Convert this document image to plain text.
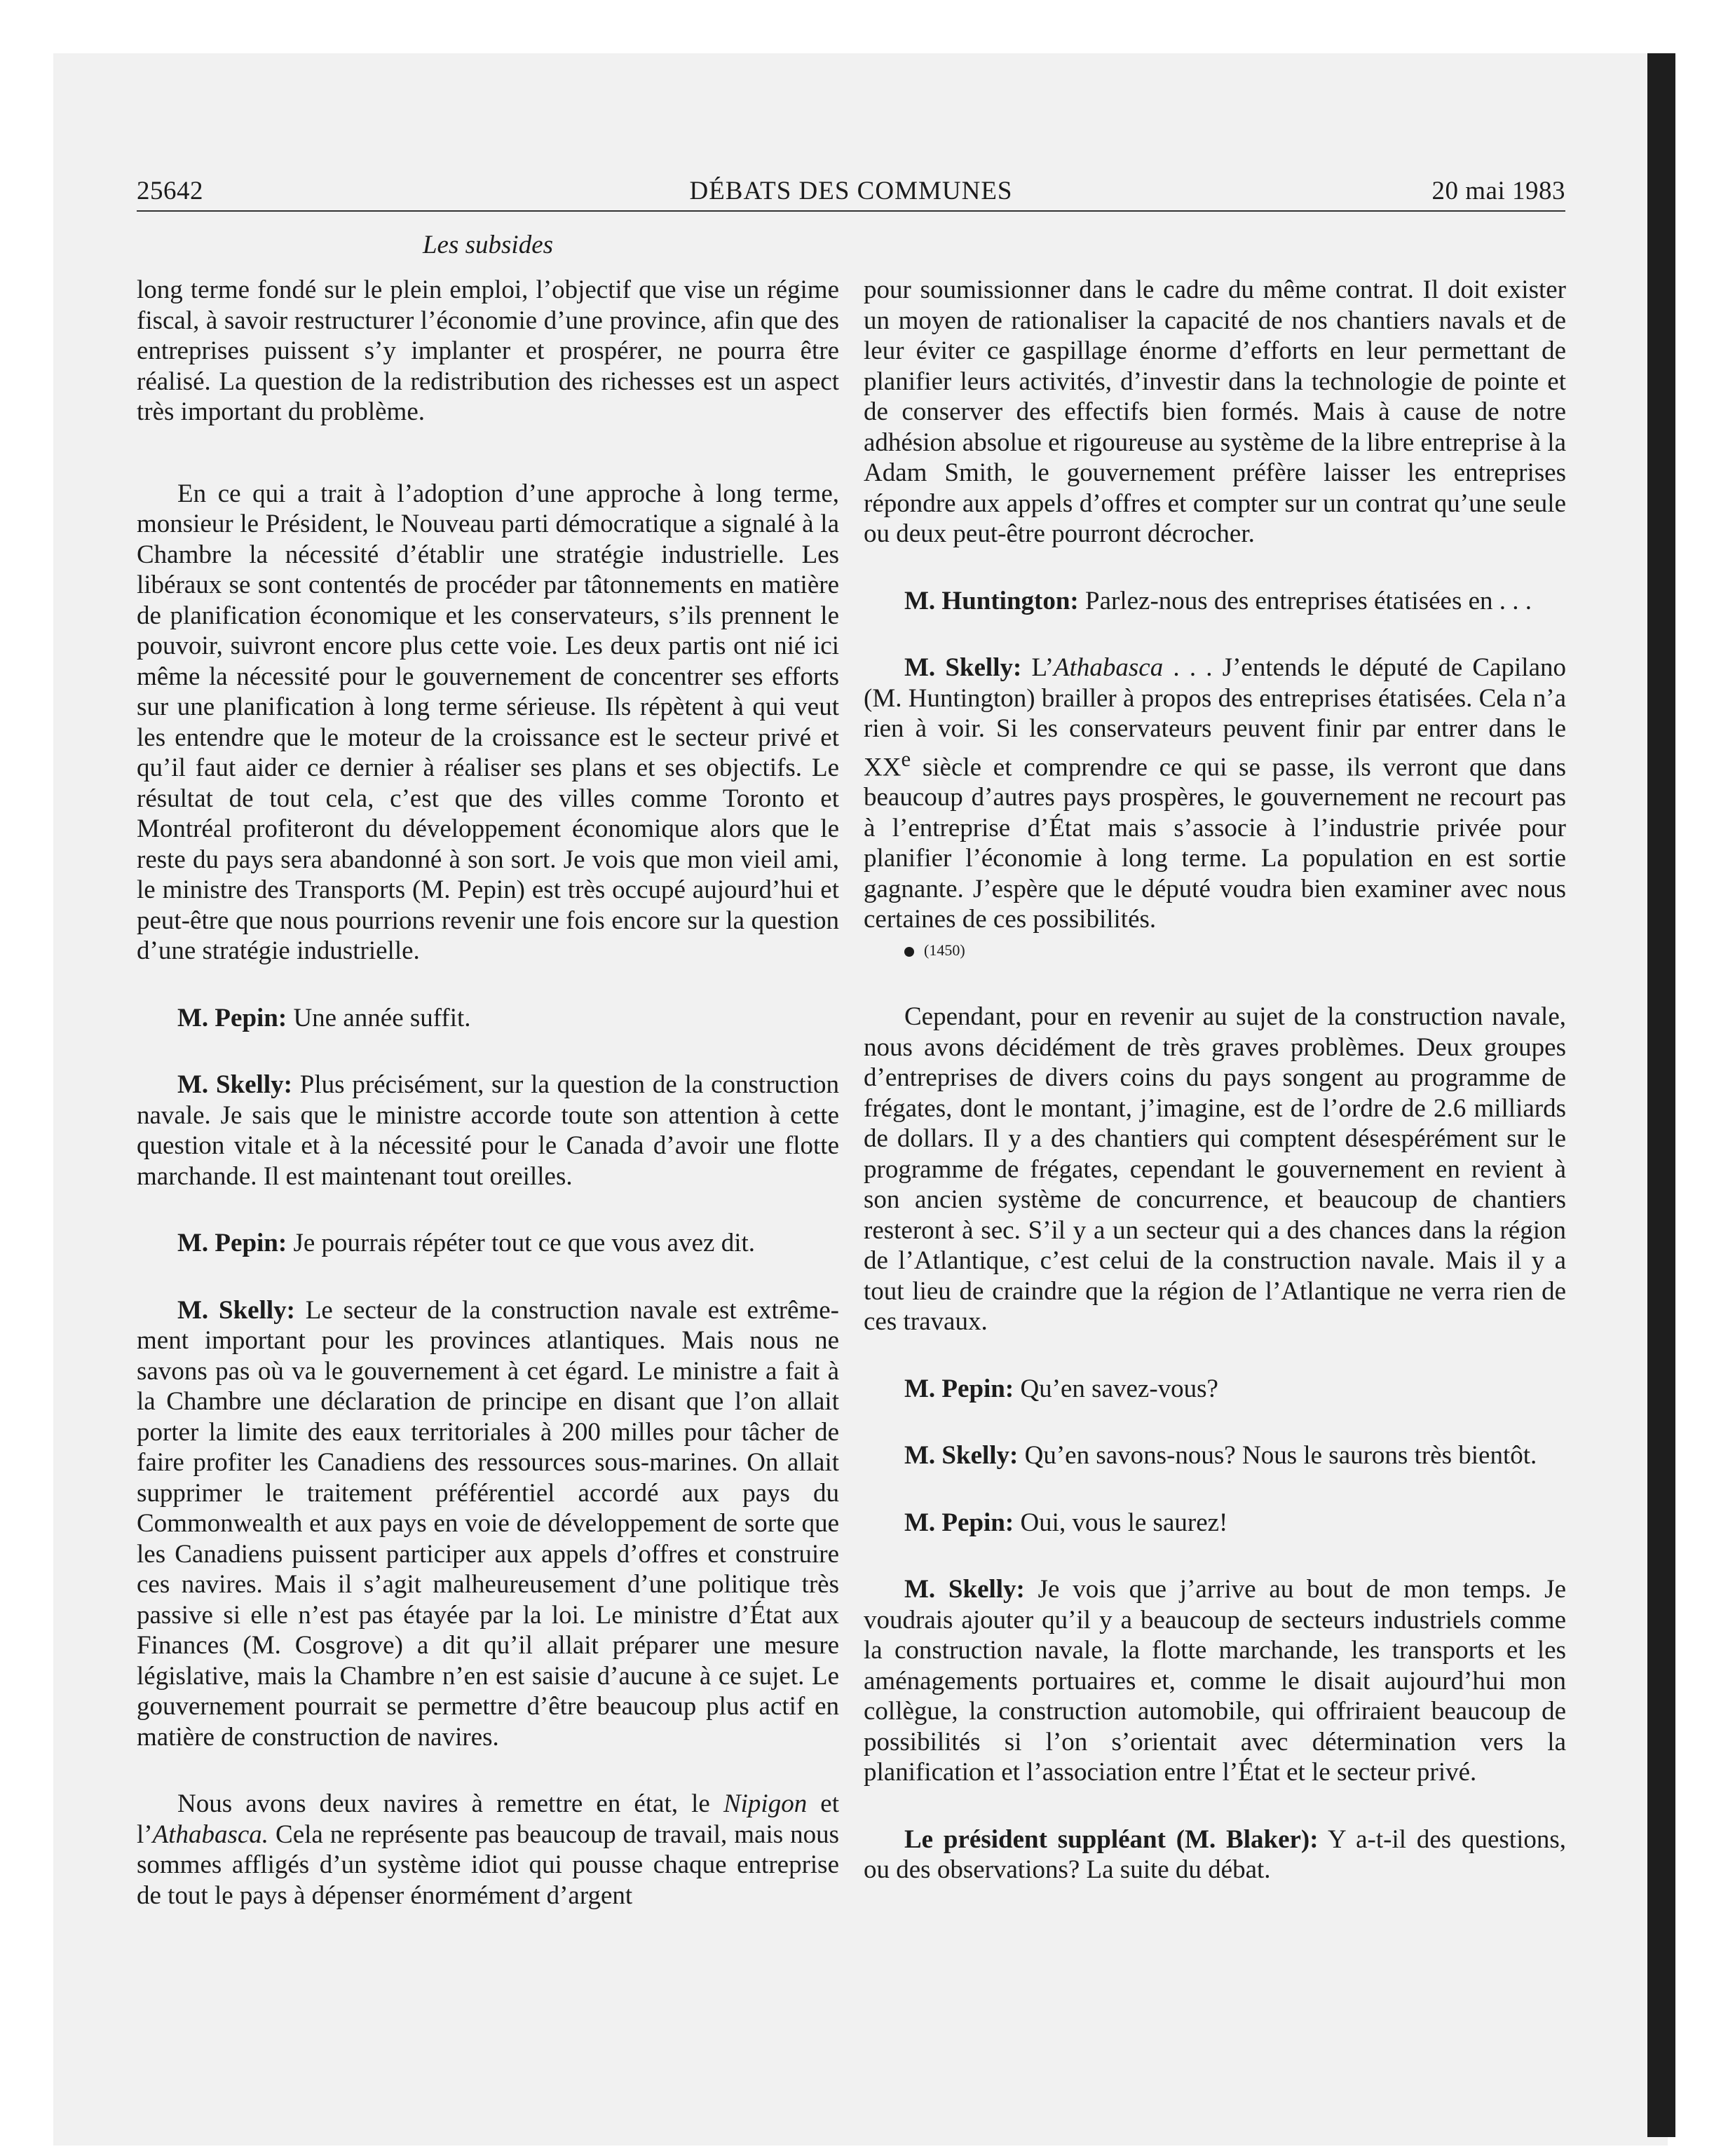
25642	DÉBATS DES COMMUNES	20 mai 1983
Les subsides

long terme fondé sur le plein emploi, l’objectif que vise un régime fiscal, à savoir restructurer l’économie d’une province, afin que des entreprises puissent s’y implanter et prospérer, ne pourra être réalisé. La question de la redistribution des richesses est un aspect très important du problème.

En ce qui a trait à l’adoption d’une approche à long terme, monsieur le Président, le Nouveau parti démocratique a signalé à la Chambre la nécessité d’établir une stratégie industrielle. Les libéraux se sont contentés de procéder par tâtonnements en matière de planification économique et les conservateurs, s’ils prennent le pouvoir, suivront encore plus cette voie. Les deux partis ont nié ici même la nécessité pour le gouvernement de concentrer ses efforts sur une planification à long terme sérieuse. Ils répètent à qui veut les entendre que le moteur de la croissance est le secteur privé et qu’il faut aider ce dernier à réaliser ses plans et ses objectifs. Le résultat de tout cela, c’est que des villes comme Toronto et Montréal profiteront du développement économique alors que le reste du pays sera abandonné à son sort. Je vois que mon vieil ami, le ministre des Transports (M. Pepin) est très occupé aujourd’hui et peut-être que nous pourrions revenir une fois encore sur la question d’une stratégie industrielle.

M. Pepin: Une année suffit.

M. Skelly: Plus précisément, sur la question de la construction navale. Je sais que le ministre accorde toute son attention à cette question vitale et à la nécessité pour le Canada d’avoir une flotte marchande. Il est maintenant tout oreilles.

M. Pepin: Je pourrais répéter tout ce que vous avez dit.

M. Skelly: Le secteur de la construction navale est extrêmement important pour les provinces atlantiques. Mais nous ne savons pas où va le gouvernement à cet égard. Le ministre a fait à la Chambre une déclaration de principe en disant que l’on allait porter la limite des eaux territoriales à 200 milles pour tâcher de faire profiter les Canadiens des ressources sous-marines. On allait supprimer le traitement préférentiel accordé aux pays du Commonwealth et aux pays en voie de développement de sorte que les Canadiens puissent participer aux appels d’offres et construire ces navires. Mais il s’agit malheureusement d’une politique très passive si elle n’est pas étayée par la loi. Le ministre d’État aux Finances (M. Cosgrove) a dit qu’il allait préparer une mesure législative, mais la Chambre n’en est saisie d’aucune à ce sujet. Le gouvernement pourrait se permettre d’être beaucoup plus actif en matière de construction de navires.

Nous avons deux navires à remettre en état, le Nipigon et l’Athabasca. Cela ne représente pas beaucoup de travail, mais nous sommes affligés d’un système idiot qui pousse chaque entreprise de tout le pays à dépenser énormément d’argent

pour soumissionner dans le cadre du même contrat. Il doit exister un moyen de rationaliser la capacité de nos chantiers navals et de leur éviter ce gaspillage énorme d’efforts en leur permettant de planifier leurs activités, d’investir dans la technologie de pointe et de conserver des effectifs bien formés. Mais à cause de notre adhésion absolue et rigoureuse au système de la libre entreprise à la Adam Smith, le gouvernement préfère laisser les entreprises répondre aux appels d’offres et compter sur un contrat qu’une seule ou deux peut-être pourront décrocher.

M. Huntington: Parlez-nous des entreprises étatisées en . . .

M. Skelly: L’Athabasca . . . J’entends le député de Capilano (M. Huntington) brailler à propos des entreprises étatisées. Cela n’a rien à voir. Si les conservateurs peuvent finir par entrer dans le XXe siècle et comprendre ce qui se passe, ils verront que dans beaucoup d’autres pays prospères, le gouvernement ne recourt pas à l’entreprise d’État mais s’associe à l’industrie privée pour planifier l’économie à long terme. La population en est sortie gagnante. J’espère que le député voudra bien examiner avec nous certaines de ces possibilités.

(1450)

Cependant, pour en revenir au sujet de la construction navale, nous avons décidément de très graves problèmes. Deux groupes d’entreprises de divers coins du pays songent au programme de frégates, dont le montant, j’imagine, est de l’ordre de 2.6 milliards de dollars. Il y a des chantiers qui comptent désespérément sur le programme de frégates, cependant le gouvernement en revient à son ancien système de concurrence, et beaucoup de chantiers resteront à sec. S’il y a un secteur qui a des chances dans la région de l’Atlantique, c’est celui de la construction navale. Mais il y a tout lieu de craindre que la région de l’Atlantique ne verra rien de ces travaux.

M. Pepin: Qu’en savez-vous?

M. Skelly: Qu’en savons-nous? Nous le saurons très bientôt.

M. Pepin: Oui, vous le saurez!

M. Skelly: Je vois que j’arrive au bout de mon temps. Je voudrais ajouter qu’il y a beaucoup de secteurs industriels comme la construction navale, la flotte marchande, les transports et les aménagements portuaires et, comme le disait aujourd’hui mon collègue, la construction automobile, qui offriraient beaucoup de possibilités si l’on s’orientait avec détermination vers la planification et l’association entre l’État et le secteur privé.

Le président suppléant (M. Blaker): Y a-t-il des questions, ou des observations? La suite du débat.
